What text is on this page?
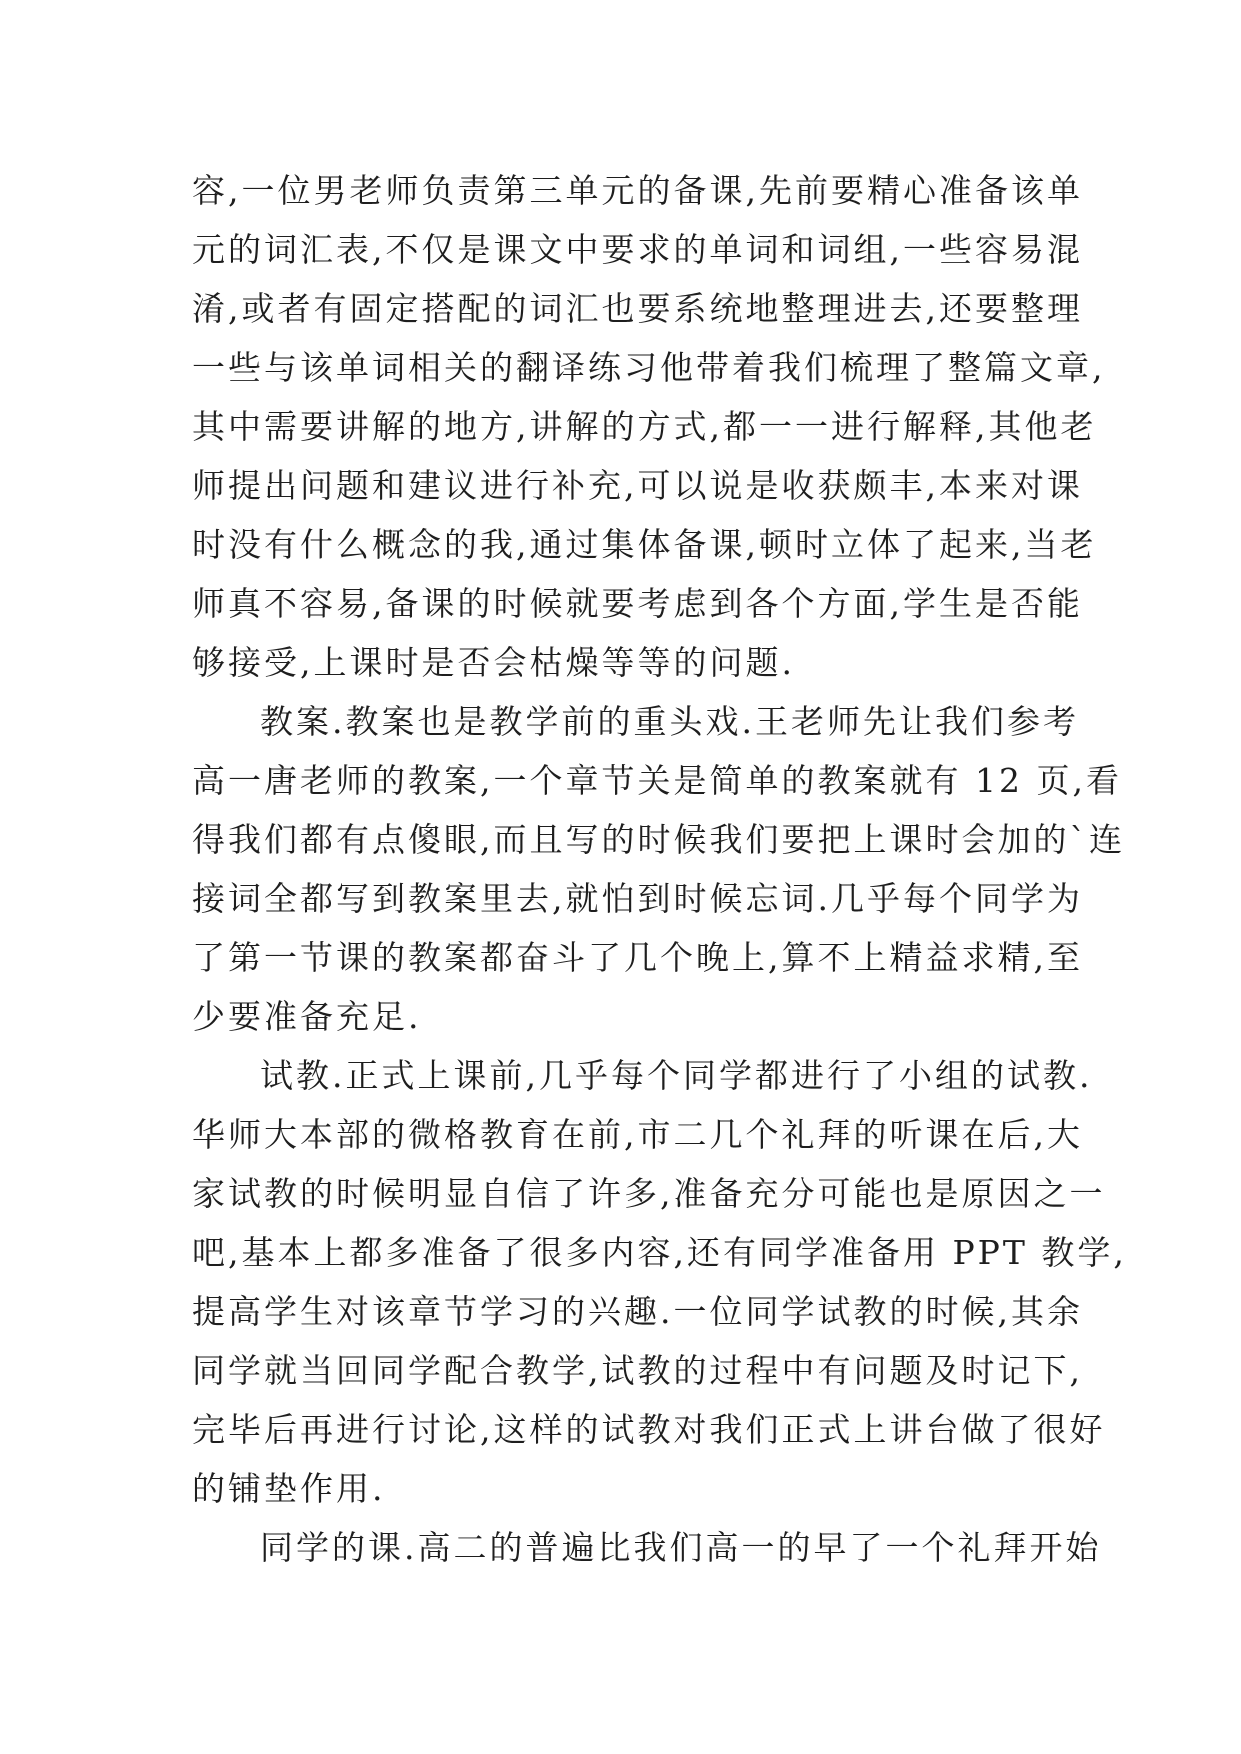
容,一位男老师负责第三单元的备课,先前要精心准备该单
元的词汇表,不仅是课文中要求的单词和词组,一些容易混
淆,或者有固定搭配的词汇也要系统地整理进去,还要整理
一些与该单词相关的翻译练习他带着我们梳理了整篇文章,
其中需要讲解的地方,讲解的方式,都一一进行解释,其他老
师提出问题和建议进行补充,可以说是收获颇丰,本来对课
时没有什么概念的我,通过集体备课,顿时立体了起来,当老
师真不容易,备课的时候就要考虑到各个方面,学生是否能
够接受,上课时是否会枯燥等等的问题.
教案.教案也是教学前的重头戏.王老师先让我们参考
高一唐老师的教案,一个章节关是简单的教案就有 12 页,看
得我们都有点傻眼,而且写的时候我们要把上课时会加的`连
接词全都写到教案里去,就怕到时候忘词.几乎每个同学为
了第一节课的教案都奋斗了几个晚上,算不上精益求精,至
少要准备充足.
试教.正式上课前,几乎每个同学都进行了小组的试教.
华师大本部的微格教育在前,市二几个礼拜的听课在后,大
家试教的时候明显自信了许多,准备充分可能也是原因之一
吧,基本上都多准备了很多内容,还有同学准备用 PPT 教学,
提高学生对该章节学习的兴趣.一位同学试教的时候,其余
同学就当回同学配合教学,试教的过程中有问题及时记下,
完毕后再进行讨论,这样的试教对我们正式上讲台做了很好
的铺垫作用.
同学的课.高二的普遍比我们高一的早了一个礼拜开始
